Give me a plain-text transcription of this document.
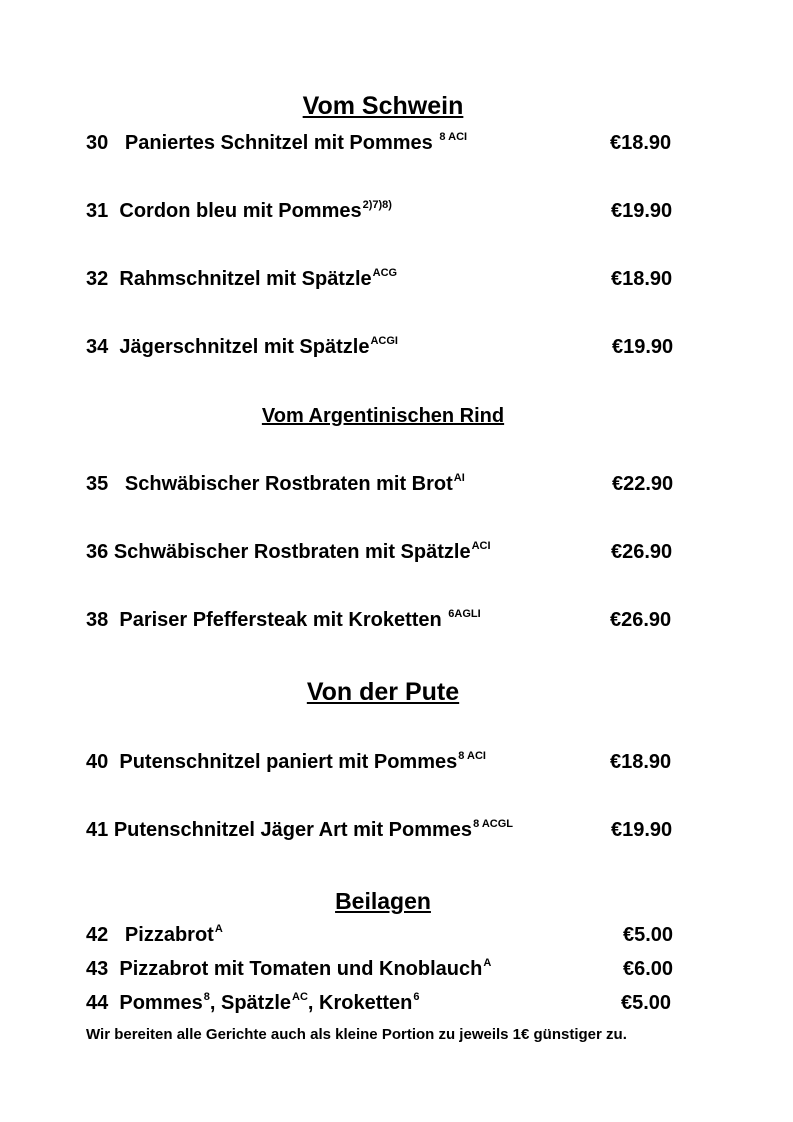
Vom Schwein
30 Paniertes Schnitzel mit Pommes $^{8 ACI}$	€18.90
31 Cordon bleu mit Pommes$^{2)7)8)}$	€19.90
32 Rahmschnitzel mit Spätzle$^{ACG}$	€18.90
34 Jägerschnitzel mit Spätzle$^{ACGI}$	€19.90
Vom Argentinischen Rind
35 Schwäbischer Rostbraten mit Brot$^{AI}$	€22.90
36 Schwäbischer Rostbraten mit Spätzle$^{ACI}$	€26.90
38 Pariser Pfeffersteak mit Kroketten $^{6AGLI}$	€26.90
Von der Pute
40 Putenschnitzel paniert mit Pommes$^{8 ACI}$	€18.90
41 Putenschnitzel Jäger Art mit Pommes$^{8 ACGL}$	€19.90
Beilagen
42 Pizzabrot$^A$	€5.00
43 Pizzabrot mit Tomaten und Knoblauch$^A$	€6.00
44 Pommes$^8$, Spätzle$^{AC}$, Kroketten$^6$	€5.00
Wir bereiten alle Gerichte auch als kleine Portion zu jeweils 1€ günstiger zu.
